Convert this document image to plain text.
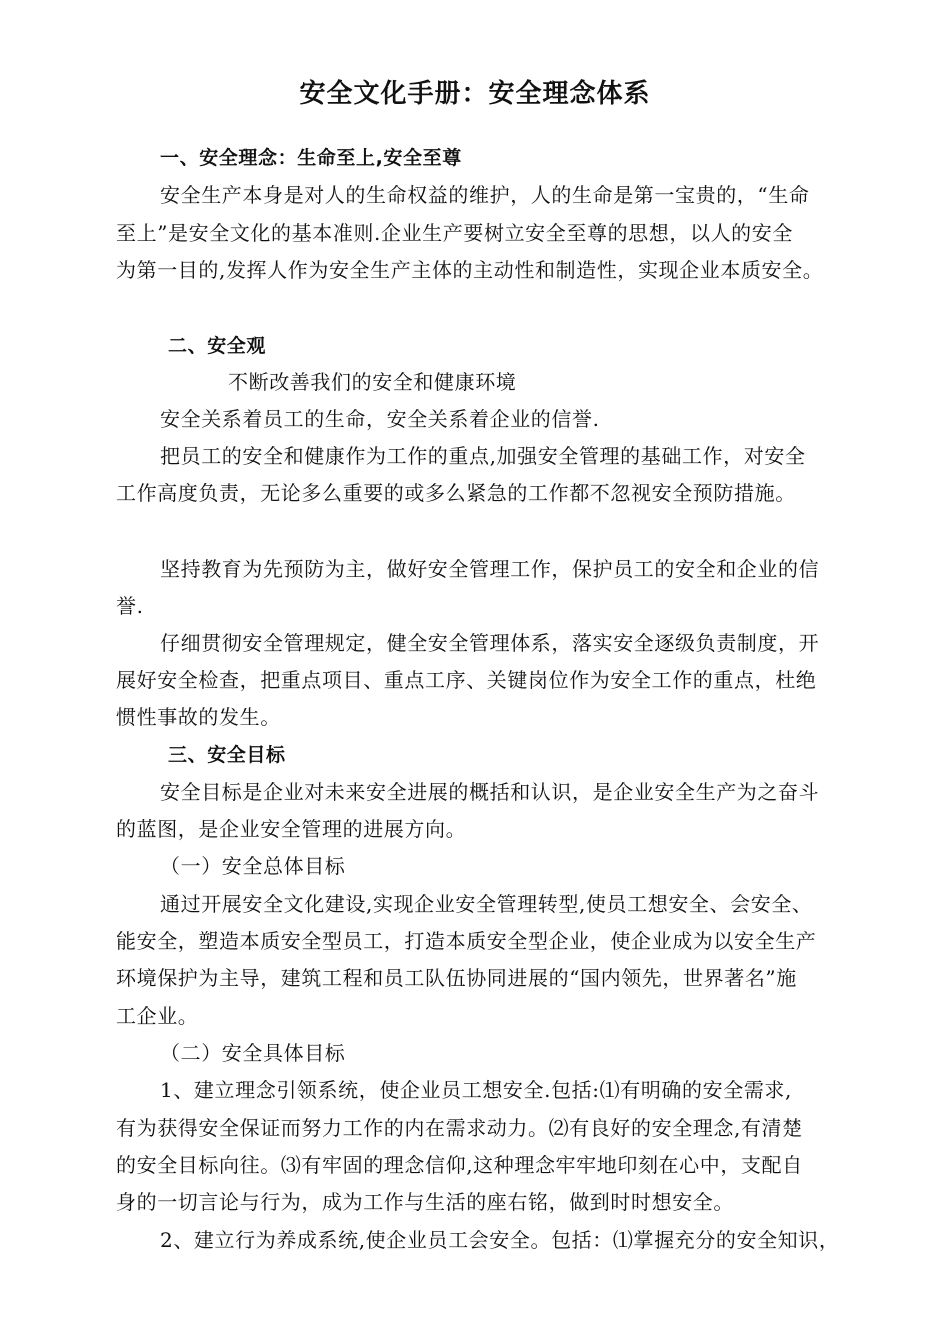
安全文化手册：安全理念体系
一、安全理念：生命至上,安全至尊
安全生产本身是对人的生命权益的维护，人的生命是第一宝贵的，“生命
至上”是安全文化的基本准则.企业生产要树立安全至尊的思想，以人的安全
为第一目的,发挥人作为安全生产主体的主动性和制造性，实现企业本质安全。
二、安全观
不断改善我们的安全和健康环境
安全关系着员工的生命，安全关系着企业的信誉.
把员工的安全和健康作为工作的重点,加强安全管理的基础工作，对安全
工作高度负责，无论多么重要的或多么紧急的工作都不忽视安全预防措施。
坚持教育为先预防为主，做好安全管理工作，保护员工的安全和企业的信
誉.
仔细贯彻安全管理规定，健全安全管理体系，落实安全逐级负责制度，开
展好安全检查，把重点项目、重点工序、关键岗位作为安全工作的重点，杜绝
惯性事故的发生。
三、安全目标
安全目标是企业对未来安全进展的概括和认识，是企业安全生产为之奋斗
的蓝图，是企业安全管理的进展方向。
（一）安全总体目标
通过开展安全文化建设,实现企业安全管理转型,使员工想安全、会安全、
能安全，塑造本质安全型员工，打造本质安全型企业，使企业成为以安全生产
环境保护为主导，建筑工程和员工队伍协同进展的“国内领先，世界著名”施
工企业。
（二）安全具体目标
1、建立理念引领系统，使企业员工想安全.包括:⑴有明确的安全需求,
有为获得安全保证而努力工作的内在需求动力。⑵有良好的安全理念,有清楚
的安全目标向往。⑶有牢固的理念信仰,这种理念牢牢地印刻在心中，支配自
身的一切言论与行为，成为工作与生活的座右铭，做到时时想安全。
2、建立行为养成系统,使企业员工会安全。包括：⑴掌握充分的安全知识，
